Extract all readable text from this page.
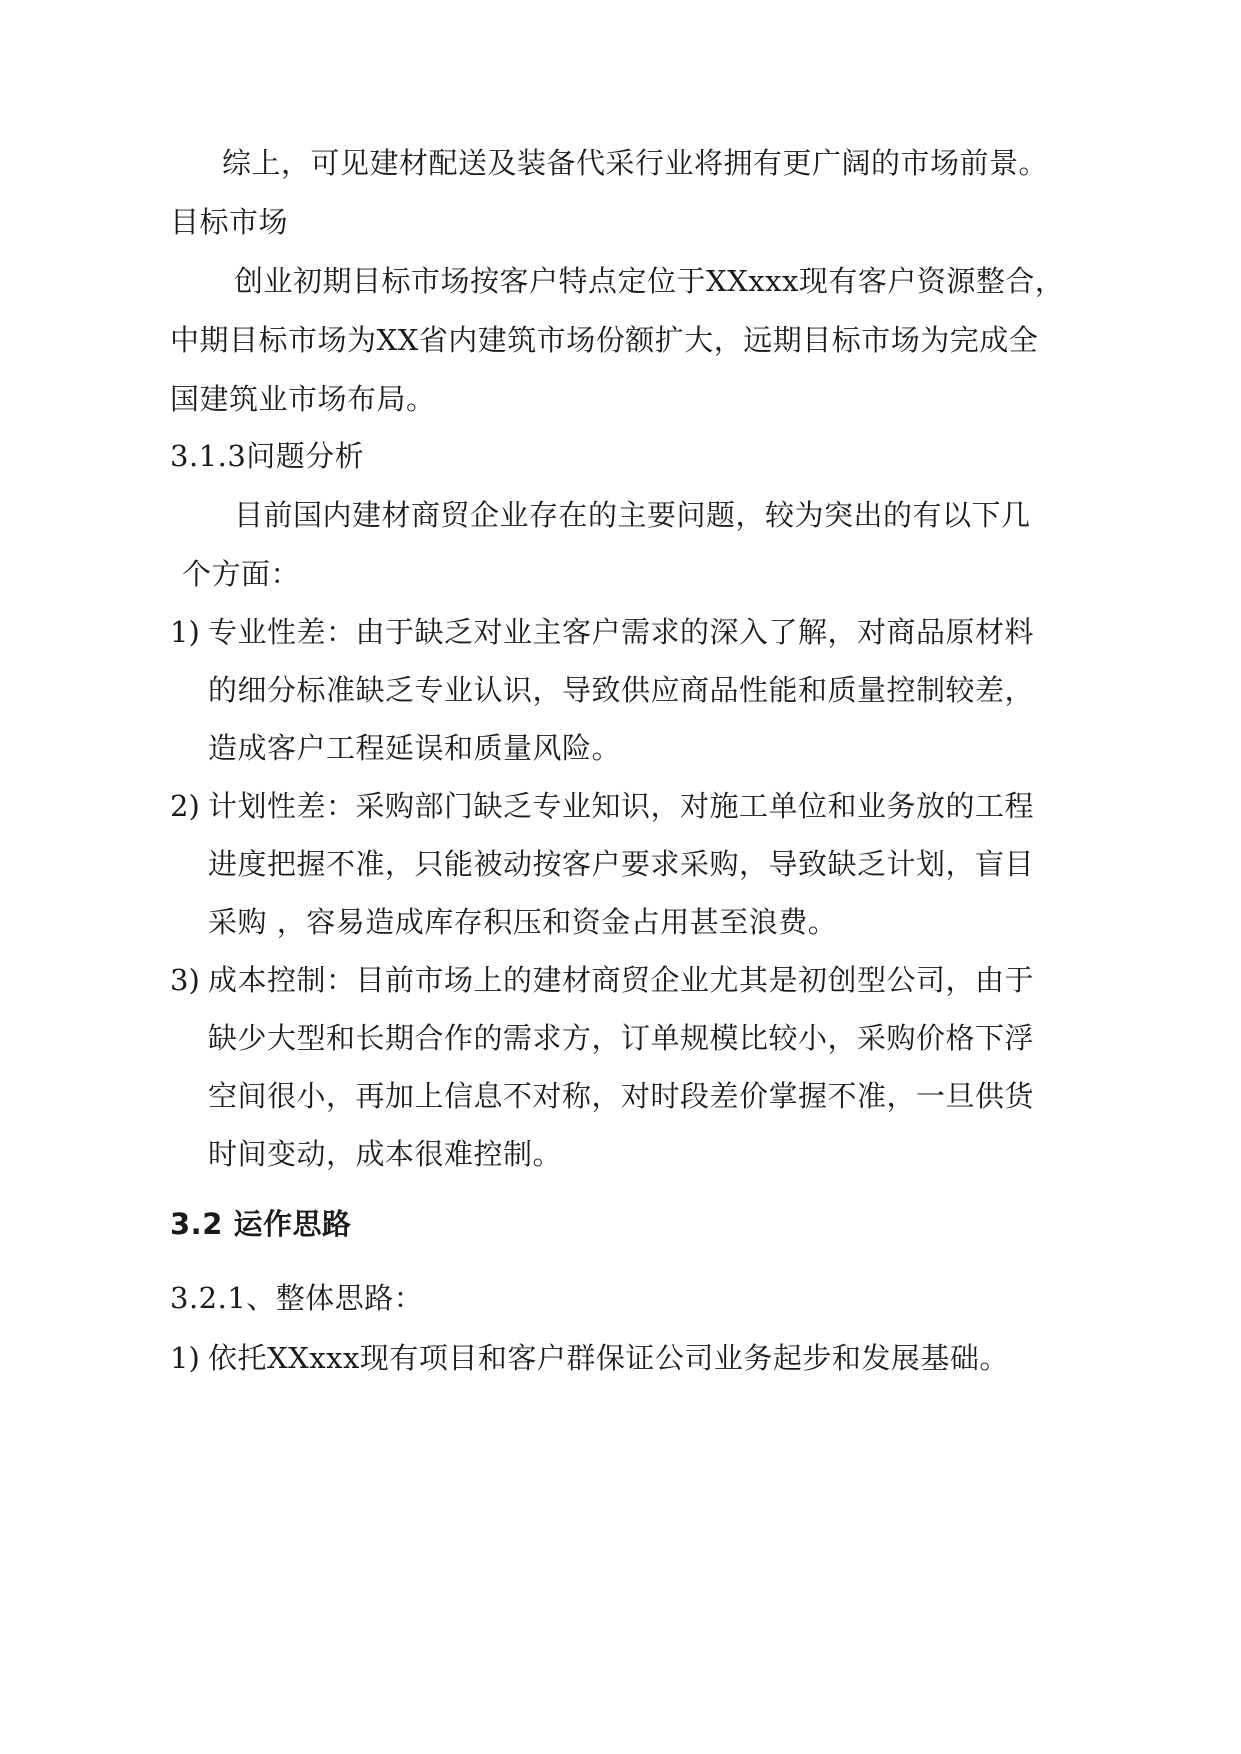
综上，可见建材配送及装备代采行业将拥有更广阔的市场前景。
目标市场
创业初期目标市场按客户特点定位于XXxxx现有客户资源整合，
中期目标市场为XX省内建筑市场份额扩大，远期目标市场为完成全
国建筑业市场布局。
3.1.3问题分析
目前国内建材商贸企业存在的主要问题，较为突出的有以下几
个方面：
1) 专业性差：由于缺乏对业主客户需求的深入了解，对商品原材料
的细分标准缺乏专业认识，导致供应商品性能和质量控制较差，
造成客户工程延误和质量风险。
2) 计划性差：采购部门缺乏专业知识，对施工单位和业务放的工程
进度把握不准，只能被动按客户要求采购，导致缺乏计划，盲目
采购 ，容易造成库存积压和资金占用甚至浪费。
3) 成本控制：目前市场上的建材商贸企业尤其是初创型公司，由于
缺少大型和长期合作的需求方，订单规模比较小，采购价格下浮
空间很小，再加上信息不对称，对时段差价掌握不准，一旦供货
时间变动，成本很难控制。
3.2 运作思路
3.2.1、整体思路：
1) 依托XXxxx现有项目和客户群保证公司业务起步和发展基础。
